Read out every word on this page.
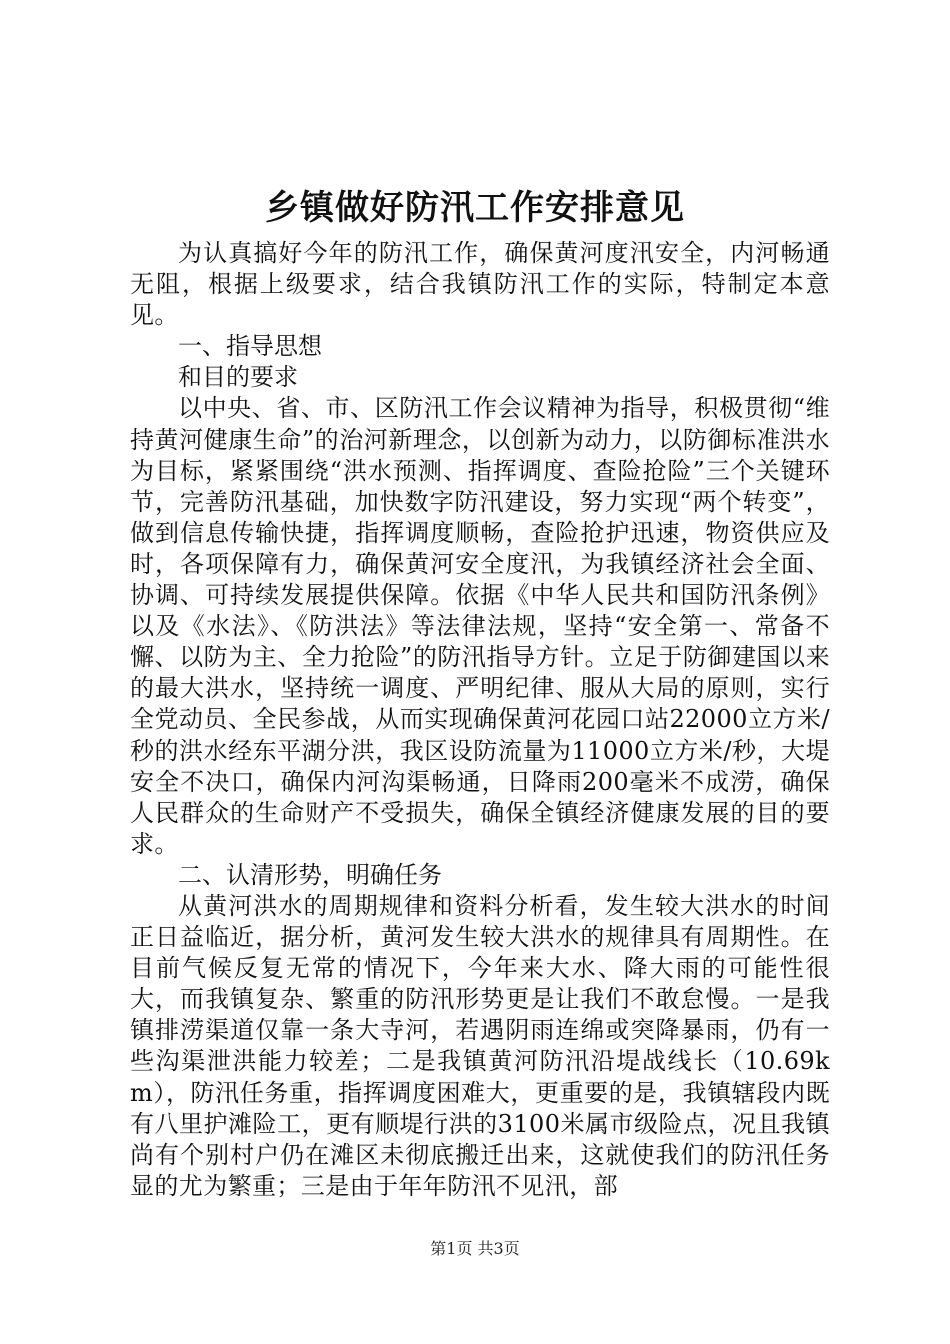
乡镇做好防汛工作安排意见

为认真搞好今年的防汛工作，确保黄河度汛安全，内河畅通无阻，根据上级要求，结合我镇防汛工作的实际，特制定本意见。

一、指导思想

和目的要求

以中央、省、市、区防汛工作会议精神为指导，积极贯彻“维持黄河健康生命”的治河新理念，以创新为动力，以防御标准洪水为目标，紧紧围绕“洪水预测、指挥调度、查险抢险”三个关键环节，完善防汛基础，加快数字防汛建设，努力实现“两个转变”，做到信息传输快捷，指挥调度顺畅，查险抢护迅速，物资供应及时，各项保障有力，确保黄河安全度汛，为我镇经济社会全面、协调、可持续发展提供保障。依据《中华人民共和国防汛条例》以及《水法》、《防洪法》等法律法规，坚持“安全第一、常备不懈、以防为主、全力抢险”的防汛指导方针。立足于防御建国以来的最大洪水，坚持统一调度、严明纪律、服从大局的原则，实行全党动员、全民参战，从而实现确保黄河花园口站22000立方米/秒的洪水经东平湖分洪，我区设防流量为11000立方米/秒，大堤安全不决口，确保内河沟渠畅通，日降雨200毫米不成涝，确保人民群众的生命财产不受损失，确保全镇经济健康发展的目的要求。

二、认清形势，明确任务

从黄河洪水的周期规律和资料分析看，发生较大洪水的时间正日益临近，据分析，黄河发生较大洪水的规律具有周期性。在目前气候反复无常的情况下，今年来大水、降大雨的可能性很大，而我镇复杂、繁重的防汛形势更是让我们不敢怠慢。一是我镇排涝渠道仅靠一条大寺河，若遇阴雨连绵或突降暴雨，仍有一些沟渠泄洪能力较差；二是我镇黄河防汛沿堤战线长（10.69km），防汛任务重，指挥调度困难大，更重要的是，我镇辖段内既有八里护滩险工，更有顺堤行洪的3100米属市级险点，况且我镇尚有个别村户仍在滩区未彻底搬迁出来，这就使我们的防汛任务显的尤为繁重；三是由于年年防汛不见汛，部

第1页 共3页
